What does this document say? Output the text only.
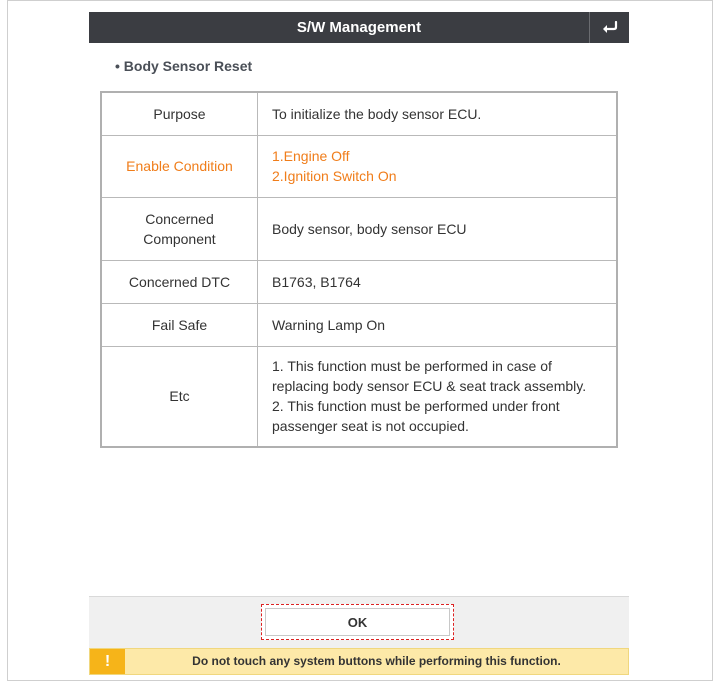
S/W Management
• Body Sensor Reset
Purpose	To initialize the body sensor ECU.

Enable Condition	1.Engine Off
2.Ignition Switch On

Concerned
Component	Body sensor, body sensor ECU

Concerned DTC	B1763, B1764

Fail Safe	Warning Lamp On

Etc	1. This function must be performed in case of
replacing body sensor ECU & seat track assembly.
2. This function must be performed under front
passenger seat is not occupied.
OK
!	Do not touch any system buttons while performing this function.
